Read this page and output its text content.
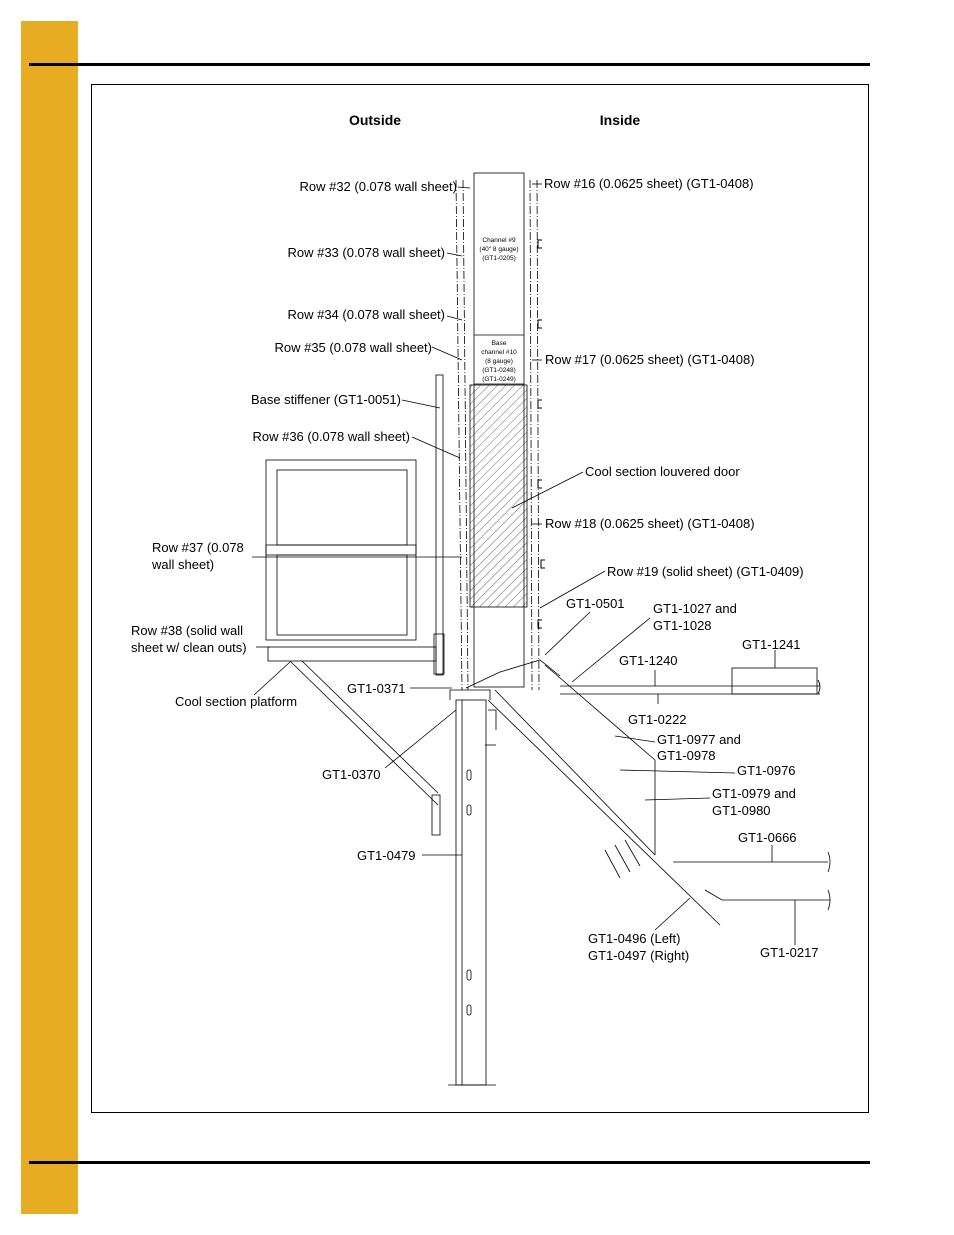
Outside	Inside
Row #32 (0.078 wall sheet)
Row #33 (0.078 wall sheet)
Row #34 (0.078 wall sheet)
Row #35 (0.078 wall sheet)
Base stiffener (GT1-0051)
Row #36 (0.078 wall sheet)
Row #37 (0.078
wall sheet)
Row #38 (solid wall
sheet w/ clean outs)
Cool section platform
GT1-0371
GT1-0370
GT1-0479
Row #16 (0.0625 sheet) (GT1-0408)
Row #17 (0.0625 sheet) (GT1-0408)
Cool section louvered door
Row #18 (0.0625 sheet) (GT1-0408)
Row #19 (solid sheet) (GT1-0409)
GT1-0501 GT1-1027 and
GT1-1028
GT1-1241
GT1-1240
GT1-0222
GT1-0977 and
GT1-0978
GT1-0976
GT1-0979 and
GT1-0980
GT1-0666
GT1-0496 (Left)
GT1-0497 (Right)	GT1-0217
Channel #9
(40" 8 gauge)
(GT1-0205)
Base
channel #10
(8 gauge)
(GT1-0248)
(GT1-0249)
